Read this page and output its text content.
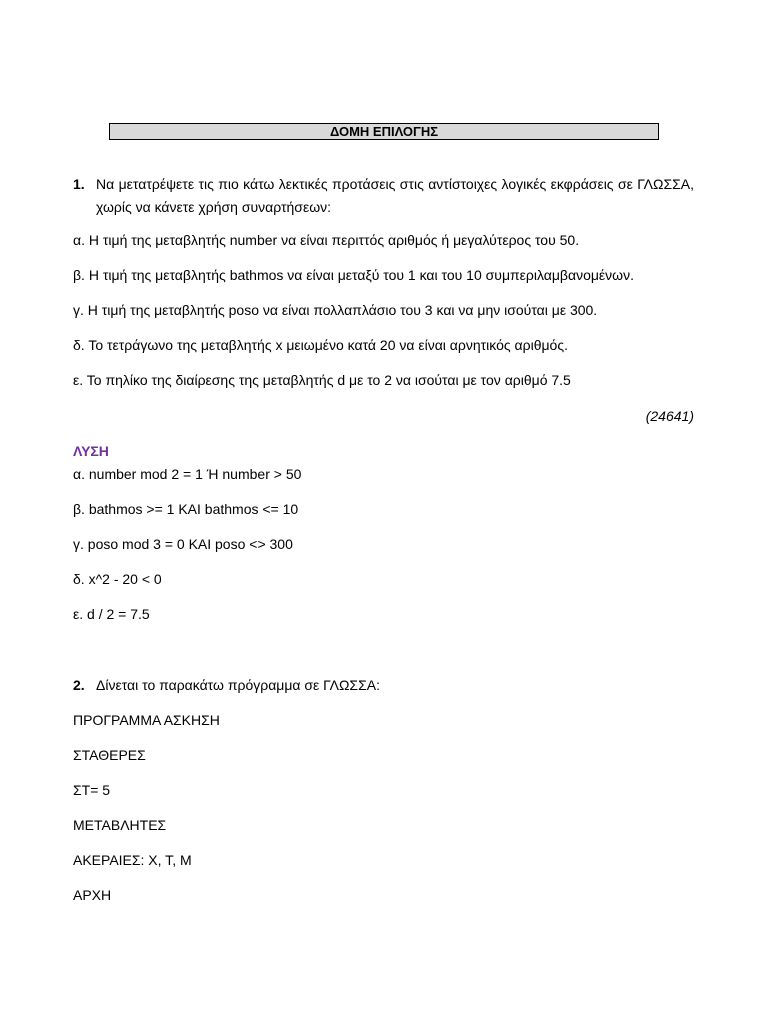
ΔΟΜΗ ΕΠΙΛΟΓΗΣ
1. Να μετατρέψετε τις πιο κάτω λεκτικές προτάσεις στις αντίστοιχες λογικές εκφράσεις σε ΓΛΩΣΣΑ, χωρίς να κάνετε χρήση συναρτήσεων:
α. Η τιμή της μεταβλητής number να είναι περιττός αριθμός ή μεγαλύτερος του 50.
β. Η τιμή της μεταβλητής bathmos να είναι μεταξύ του 1 και του 10 συμπεριλαμβανομένων.
γ. Η τιμή της μεταβλητής poso να είναι πολλαπλάσιο του 3 και να μην ισούται με 300.
δ. Το τετράγωνο της μεταβλητής x μειωμένο κατά 20 να είναι αρνητικός αριθμός.
ε. Το πηλίκο της διαίρεσης της μεταβλητής d με το 2 να ισούται με τον αριθμό 7.5
(24641)
ΛΥΣΗ
α. number mod 2 = 1 Ή number > 50
β. bathmos >= 1 ΚΑΙ bathmos <= 10
γ. poso mod 3 = 0 ΚΑΙ poso <> 300
δ. x^2 - 20 < 0
ε. d / 2 = 7.5
2. Δίνεται το παρακάτω πρόγραμμα σε ΓΛΩΣΣΑ:
ΠΡΟΓΡΑΜΜΑ ΑΣΚΗΣΗ
ΣΤΑΘΕΡΕΣ
ΣΤ= 5
ΜΕΤΑΒΛΗΤΕΣ
ΑΚΕΡΑΙΕΣ: Χ, Τ, Μ
ΑΡΧΗ
